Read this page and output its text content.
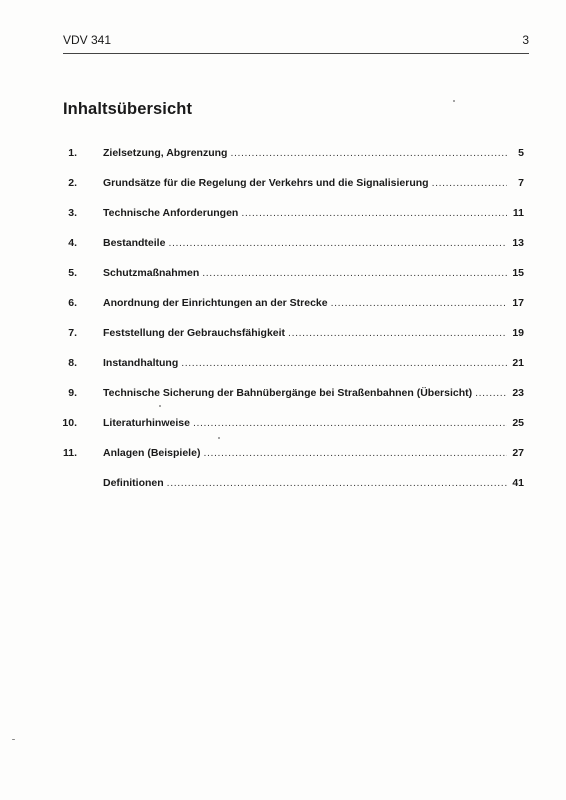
VDV 341	3
Inhaltsübersicht
1. Zielsetzung, Abgrenzung .....	5
2. Grundsätze für die Regelung der Verkehrs und die Signalisierung .....	7
3. Technische Anforderungen .....	11
4. Bestandteile .....	13
5. Schutzmaßnahmen .....	15
6. Anordnung der Einrichtungen an der Strecke .....	17
7. Feststellung der Gebrauchsfähigkeit .....	19
8. Instandhaltung .....	21
9. Technische Sicherung der Bahnübergänge bei Straßenbahnen (Übersicht) .....	23
10. Literaturhinweise .....	25
11. Anlagen (Beispiele) .....	27
Definitionen .....	41
